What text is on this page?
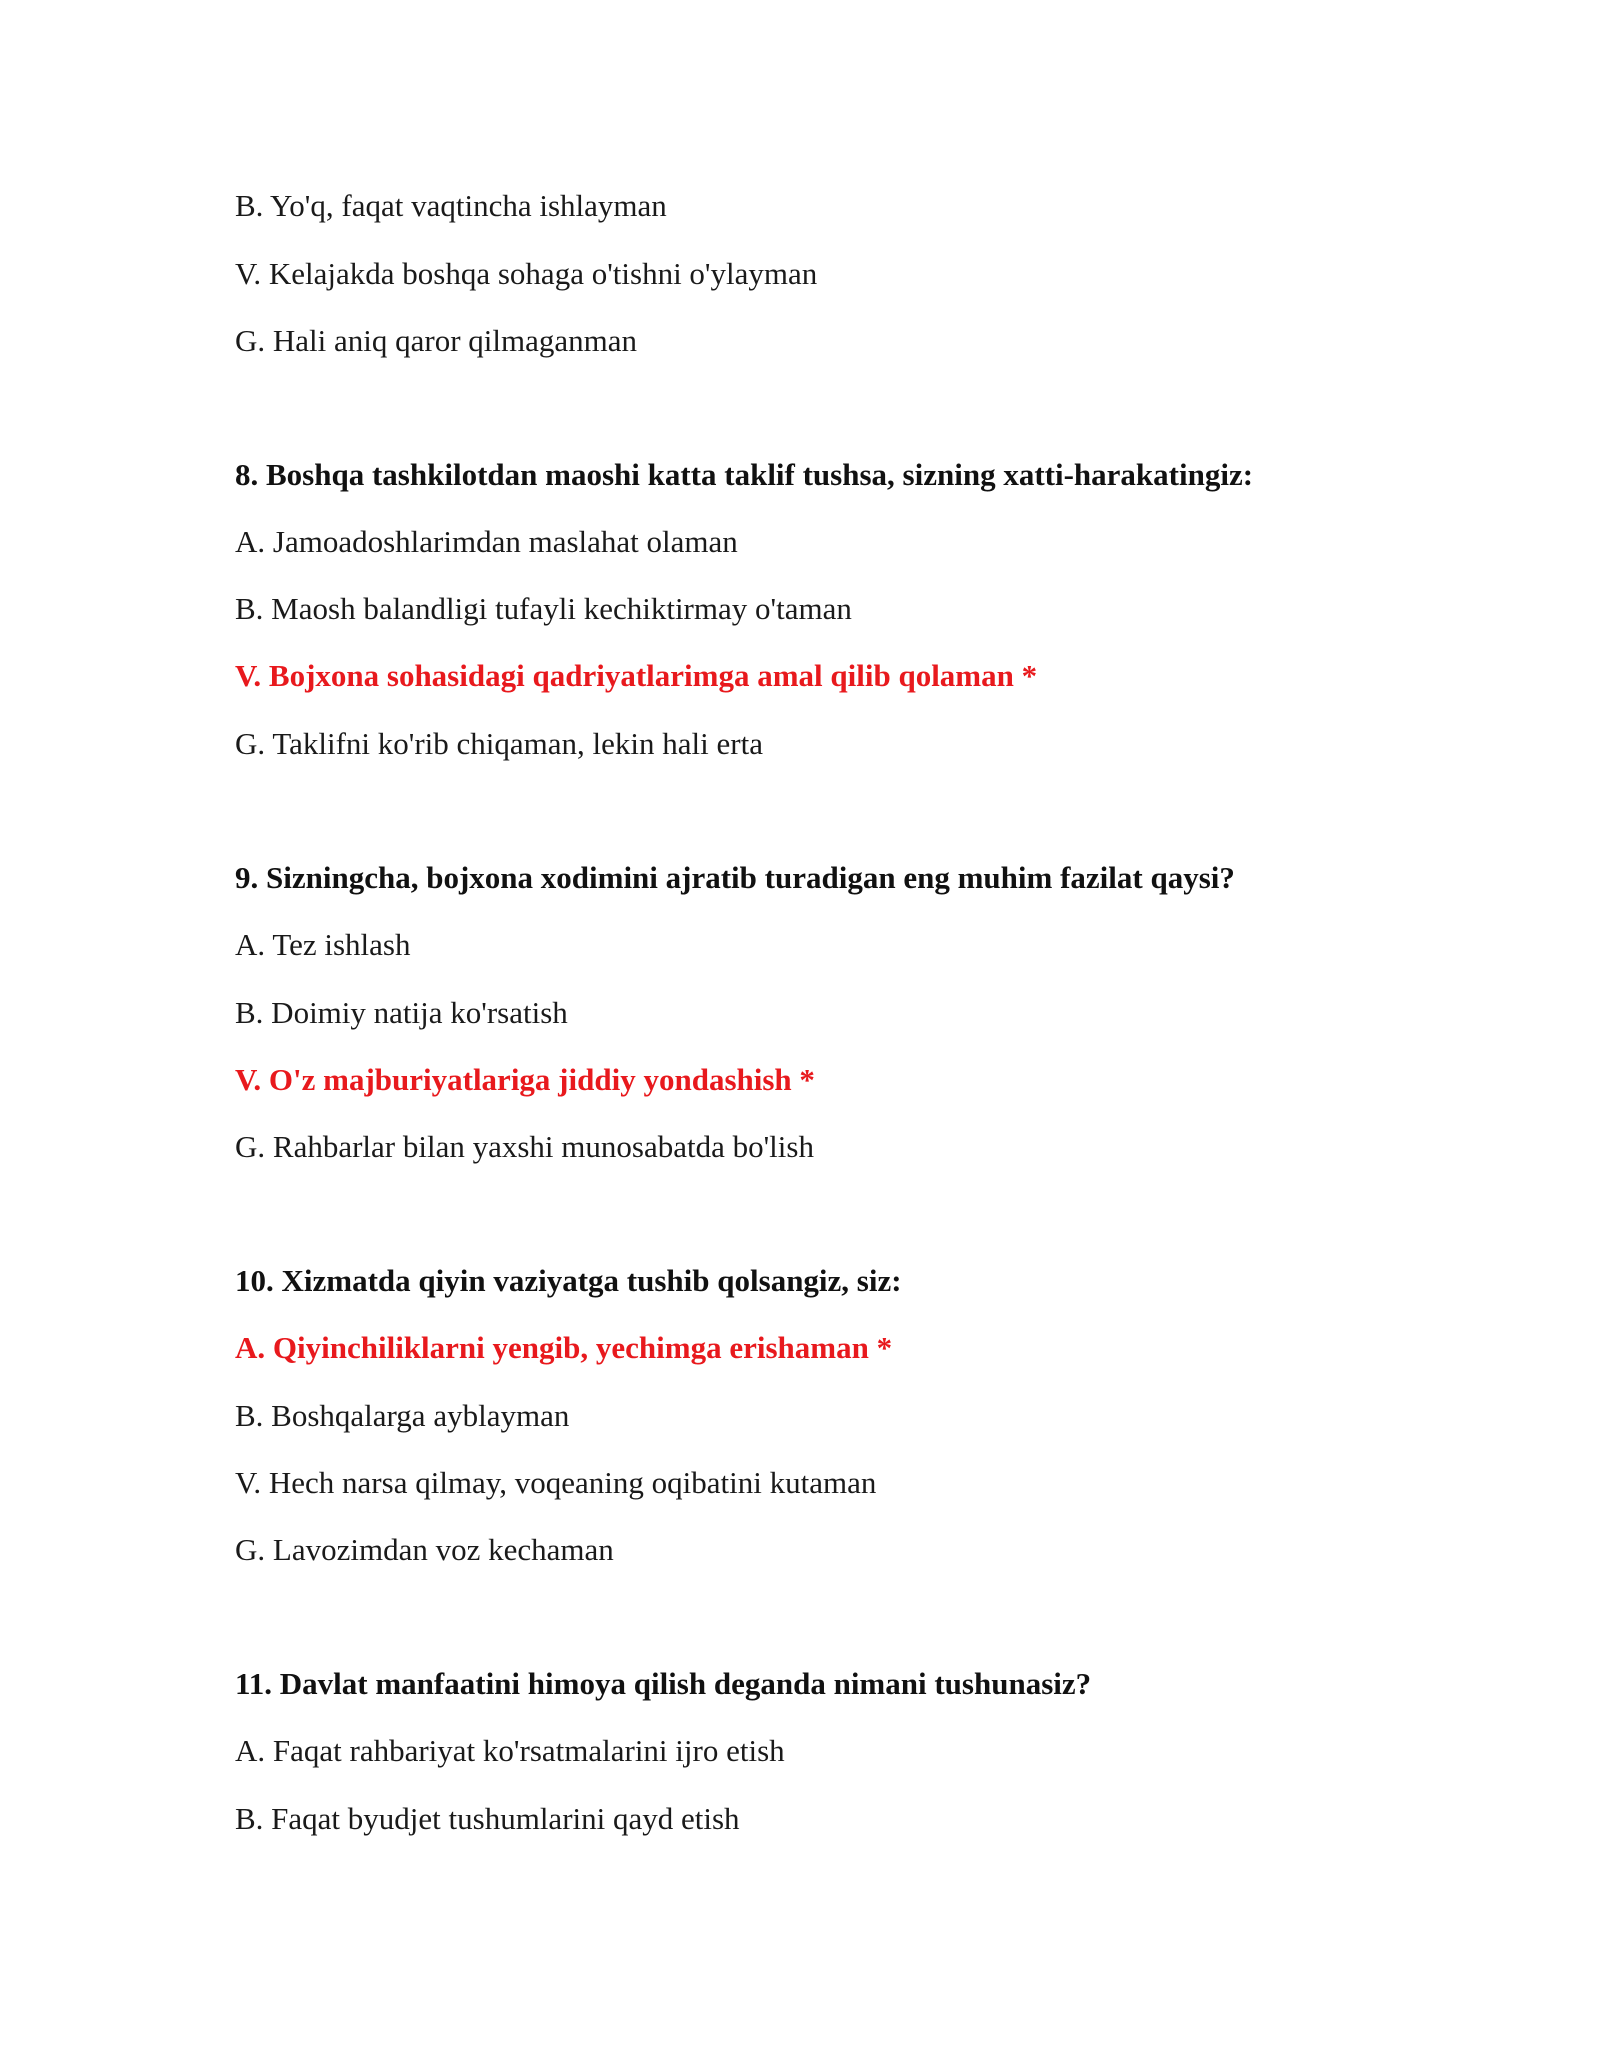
B. Yo'q, faqat vaqtincha ishlayman

V. Kelajakda boshqa sohaga o'tishni o'ylayman

G. Hali aniq qaror qilmaganman

8. Boshqa tashkilotdan maoshi katta taklif tushsa, sizning xatti-harakatingiz:

A. Jamoadoshlarimdan maslahat olaman

B. Maosh balandligi tufayli kechiktirmay o'taman

V. Bojxona sohasidagi qadriyatlarimga amal qilib qolaman *

G. Taklifni ko'rib chiqaman, lekin hali erta

9. Sizningcha, bojxona xodimini ajratib turadigan eng muhim fazilat qaysi?

A. Tez ishlash

B. Doimiy natija ko'rsatish

V. O'z majburiyatlariga jiddiy yondashish *

G. Rahbarlar bilan yaxshi munosabatda bo'lish

10. Xizmatda qiyin vaziyatga tushib qolsangiz, siz:

A. Qiyinchiliklarni yengib, yechimga erishaman *

B. Boshqalarga ayblayman

V. Hech narsa qilmay, voqeaning oqibatini kutaman

G. Lavozimdan voz kechaman

11. Davlat manfaatini himoya qilish deganda nimani tushunasiz?

A. Faqat rahbariyat ko'rsatmalarini ijro etish

B. Faqat byudjet tushumlarini qayd etish
